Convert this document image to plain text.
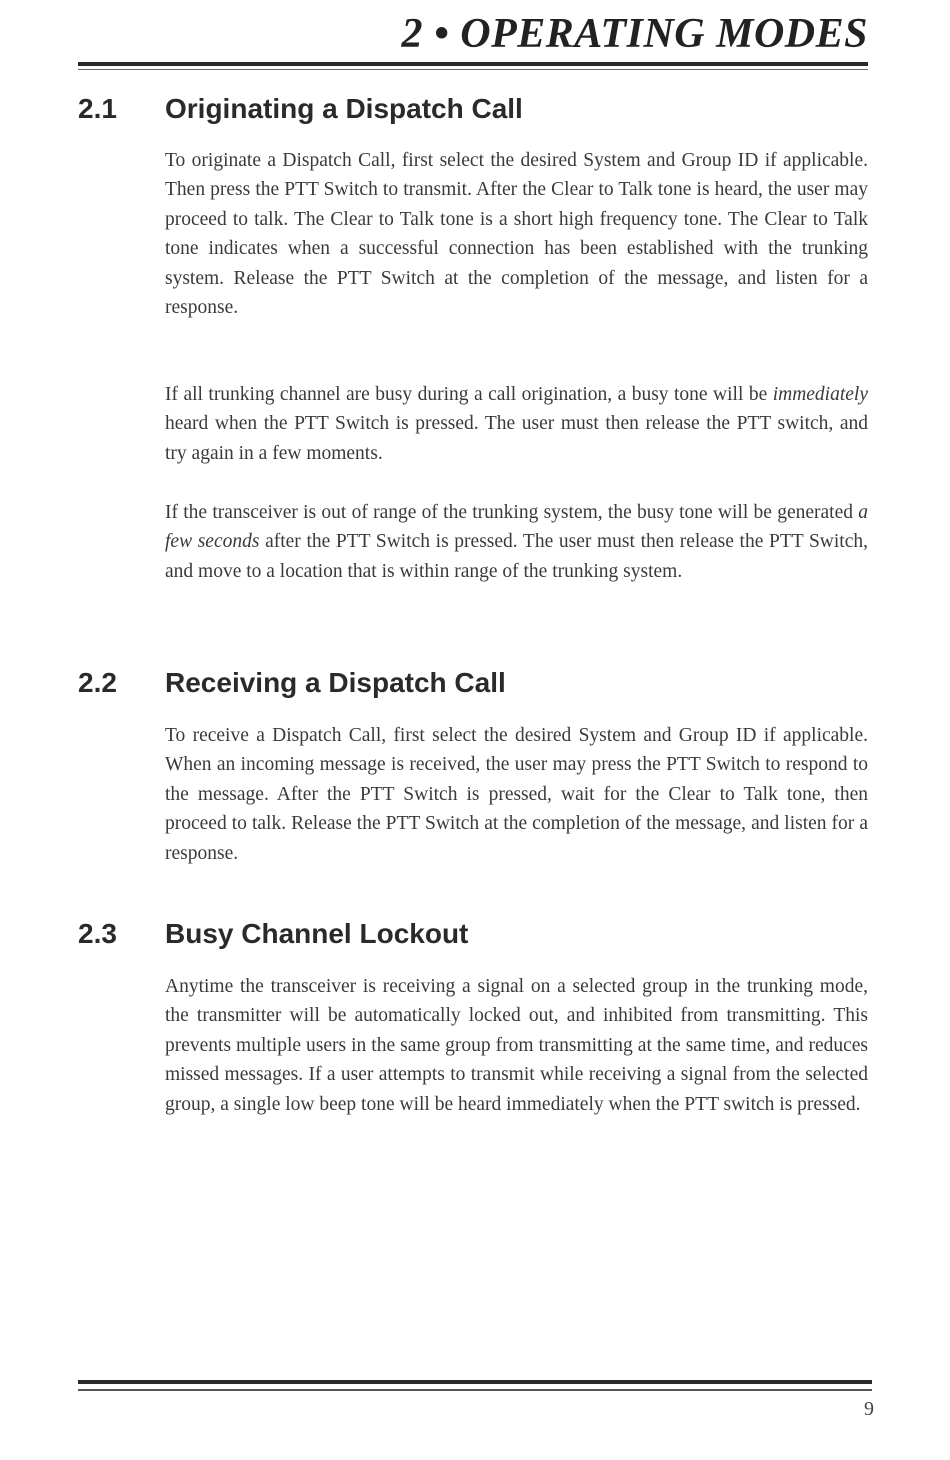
2 • OPERATING MODES
2.1 Originating a Dispatch Call

To originate a Dispatch Call, first select the desired System and Group ID if applicable. Then press the PTT Switch to transmit. After the Clear to Talk tone is heard, the user may proceed to talk. The Clear to Talk tone is a short high frequency tone. The Clear to Talk tone indicates when a successful connection has been established with the trunking system. Release the PTT Switch at the completion of the message, and listen for a response.

If all trunking channel are busy during a call origination, a busy tone will be immediately heard when the PTT Switch is pressed. The user must then release the PTT switch, and try again in a few moments.

If the transceiver is out of range of the trunking system, the busy tone will be generated a few seconds after the PTT Switch is pressed. The user must then release the PTT Switch, and move to a location that is within range of the trunking system.

2.2 Receiving a Dispatch Call

To receive a Dispatch Call, first select the desired System and Group ID if applicable. When an incoming message is received, the user may press the PTT Switch to respond to the message. After the PTT Switch is pressed, wait for the Clear to Talk tone, then proceed to talk. Release the PTT Switch at the completion of the message, and listen for a response.

2.3 Busy Channel Lockout

Anytime the transceiver is receiving a signal on a selected group in the trunking mode, the transmitter will be automatically locked out, and inhibited from transmitting. This prevents multiple users in the same group from transmitting at the same time, and reduces missed messages. If a user attempts to transmit while receiving a signal from the selected group, a single low beep tone will be heard immediately when the PTT switch is pressed.

9
